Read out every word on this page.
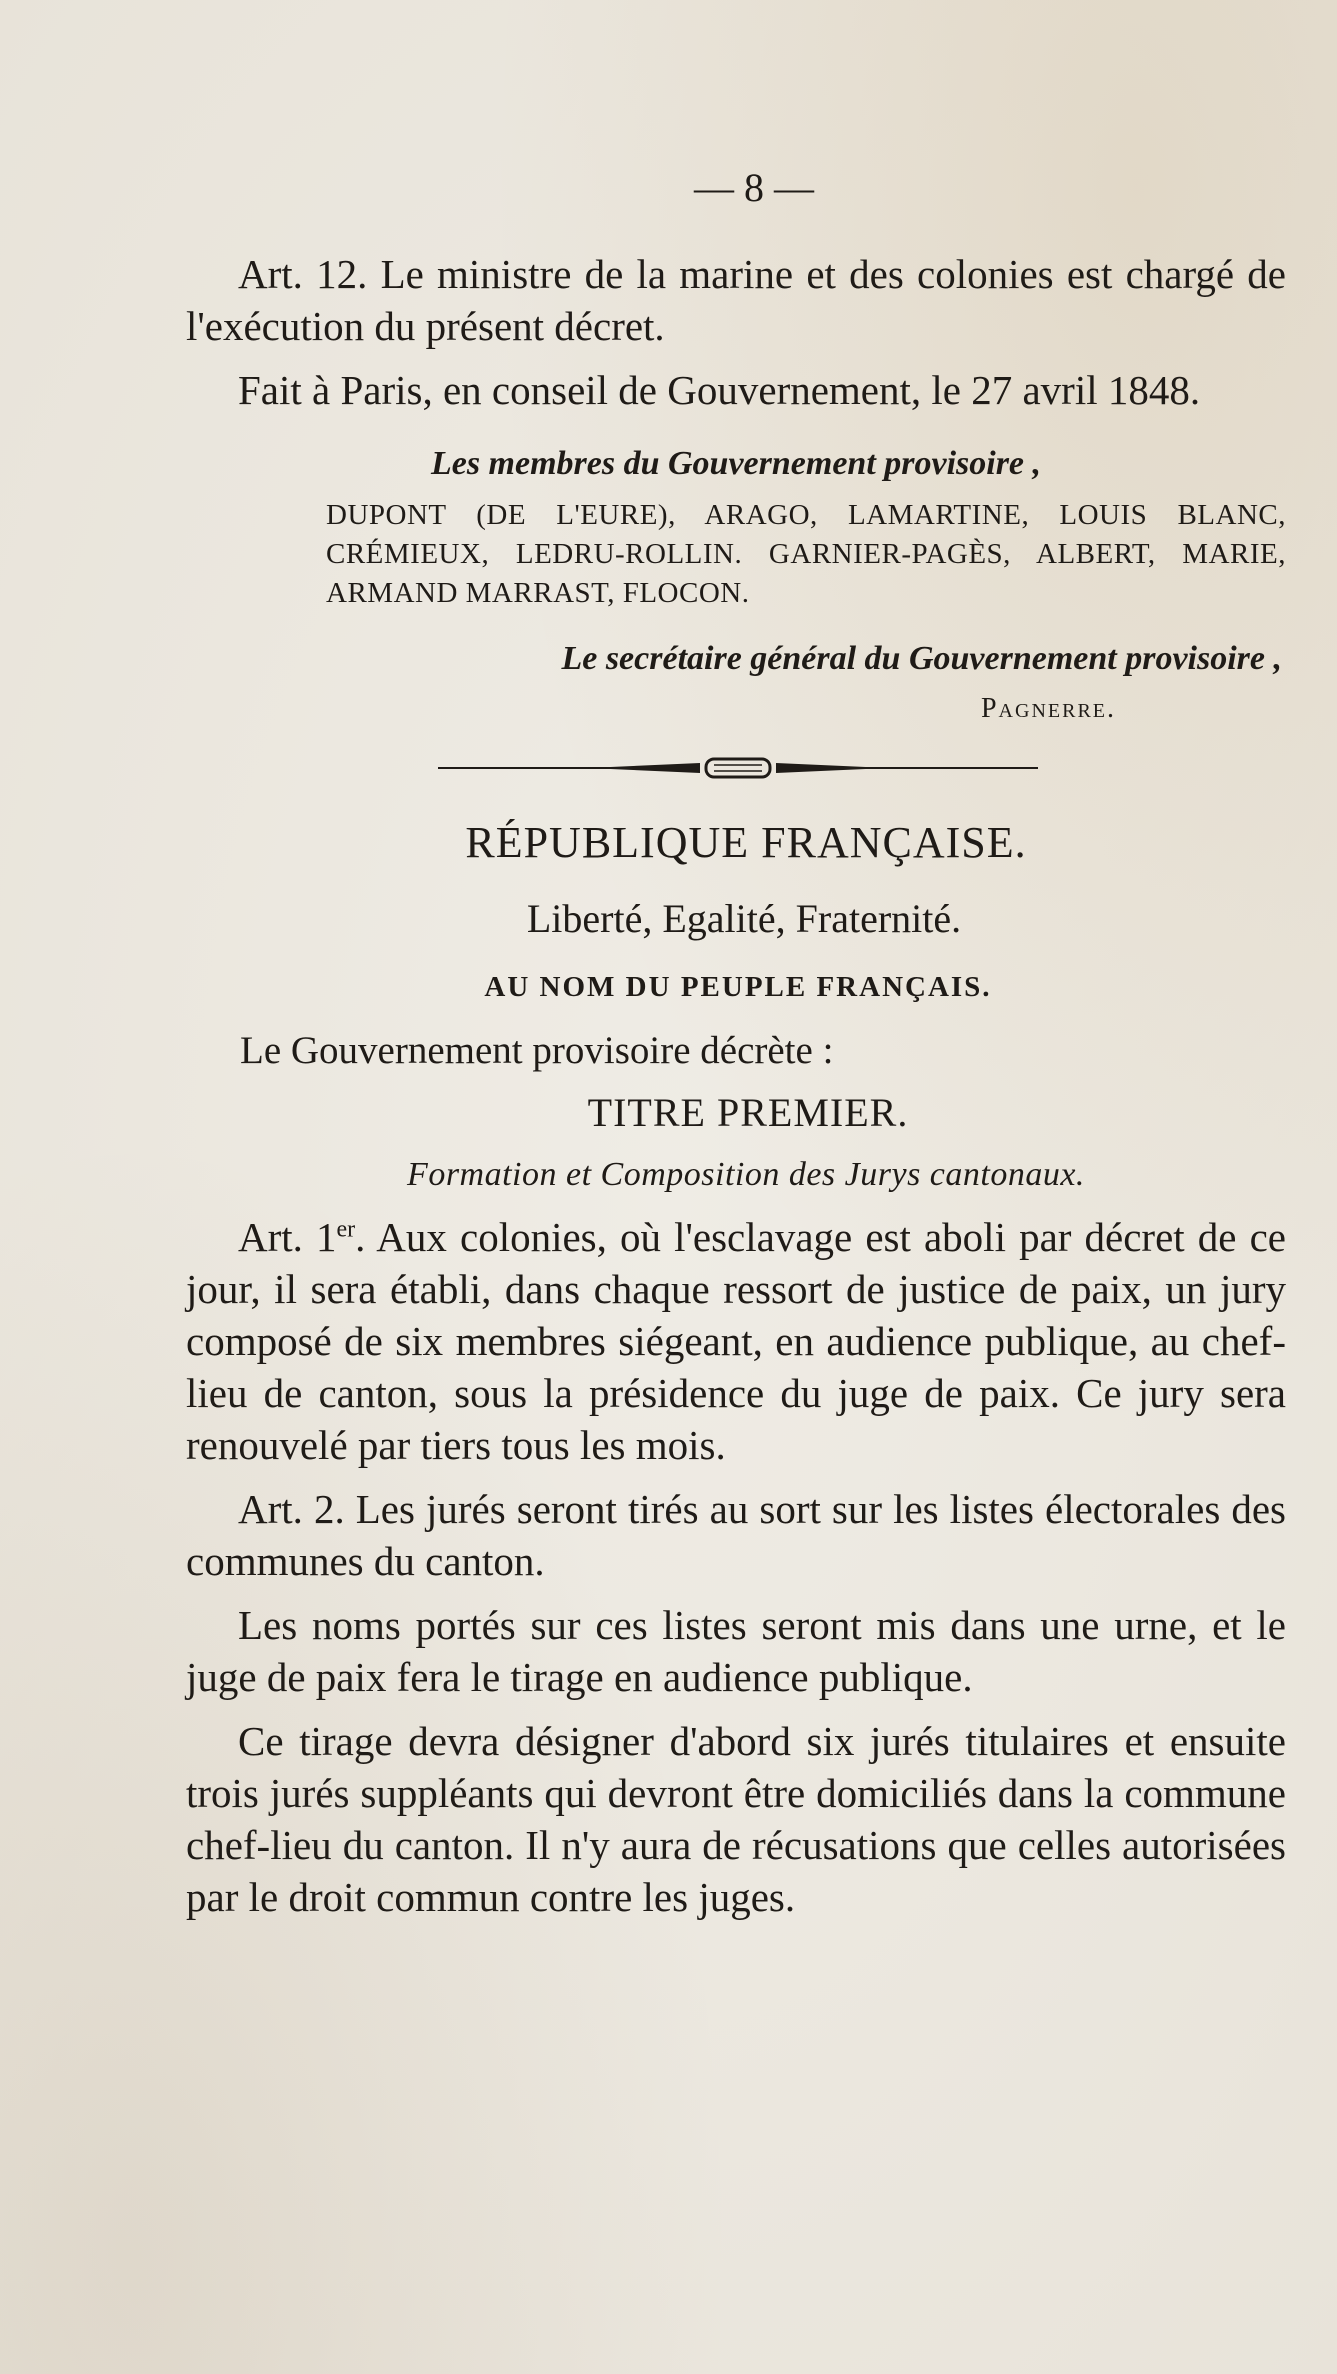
— 8 —

Art. 12. Le ministre de la marine et des colonies est chargé de l'exécution du présent décret.

Fait à Paris, en conseil de Gouvernement, le 27 avril 1848.

Les membres du Gouvernement provisoire ,

DUPONT (DE L'EURE), ARAGO, LAMARTINE, LOUIS BLANC, CRÉMIEUX, LEDRU-ROLLIN. GARNIER-PAGÈS, ALBERT, MARIE, ARMAND MARRAST, FLOCON.

Le secrétaire général du Gouvernement provisoire ,

Pagnerre.

RÉPUBLIQUE FRANÇAISE.

Liberté, Egalité, Fraternité.

AU NOM DU PEUPLE FRANÇAIS.

Le Gouvernement provisoire décrète :

TITRE PREMIER.

Formation et Composition des Jurys cantonaux.

Art. 1er. Aux colonies, où l'esclavage est aboli par décret de ce jour, il sera établi, dans chaque ressort de justice de paix, un jury composé de six membres siégeant, en audience publique, au chef-lieu de canton, sous la présidence du juge de paix. Ce jury sera renouvelé par tiers tous les mois.

Art. 2. Les jurés seront tirés au sort sur les listes électorales des communes du canton.

Les noms portés sur ces listes seront mis dans une urne, et le juge de paix fera le tirage en audience publique.

Ce tirage devra désigner d'abord six jurés titulaires et ensuite trois jurés suppléants qui devront être domiciliés dans la commune chef-lieu du canton. Il n'y aura de récusations que celles autorisées par le droit commun contre les juges.
